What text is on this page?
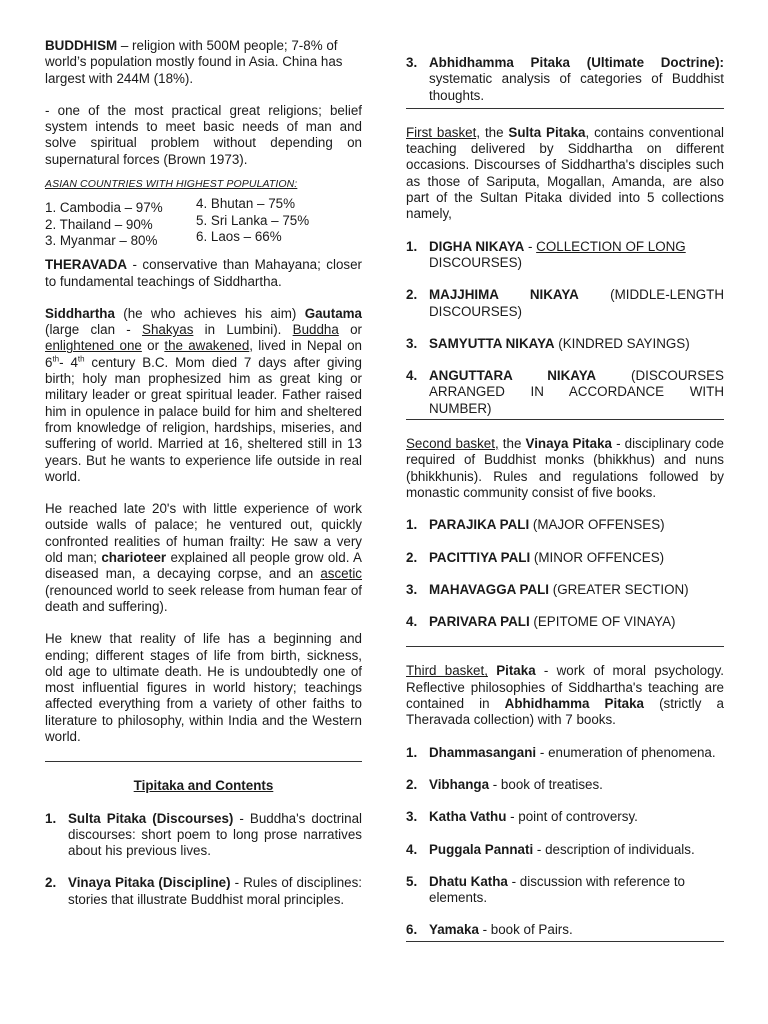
BUDDHISM – religion with 500M people; 7-8% of world’s population mostly found in Asia. China has largest with 244M (18%).

- one of the most practical great religions; belief system intends to meet basic needs of man and solve spiritual problem without depending on supernatural forces (Brown 1973).

ASIAN COUNTRIES WITH HIGHEST POPULATION:
1. Cambodia – 97%
2. Thailand – 90%
3. Myanmar – 80%
4. Bhutan – 75%
5. Sri Lanka – 75%
6. Laos – 66%

THERAVADA - conservative than Mahayana; closer to fundamental teachings of Siddhartha.

Siddhartha (he who achieves his aim) Gautama (large clan - Shakyas in Lumbini). Buddha or enlightened one or the awakened, lived in Nepal on 6th- 4th century B.C. Mom died 7 days after giving birth; holy man prophesized him as great king or military leader or great spiritual leader. Father raised him in opulence in palace build for him and sheltered from knowledge of religion, hardships, miseries, and suffering of world. Married at 16, sheltered still in 13 years. But he wants to experience life outside in real world.

He reached late 20's with little experience of work outside walls of palace; he ventured out, quickly confronted realities of human frailty: He saw a very old man; charioteer explained all people grow old. A diseased man, a decaying corpse, and an ascetic (renounced world to seek release from human fear of death and suffering).

He knew that reality of life has a beginning and ending; different stages of life from birth, sickness, old age to ultimate death. He is undoubtedly one of most influential figures in world history; teachings affected everything from a variety of other faiths to literature to philosophy, within India and the Western world.

Tipitaka and Contents
1. Sulta Pitaka (Discourses) - Buddha's doctrinal discourses: short poem to long prose narratives about his previous lives.
2. Vinaya Pitaka (Discipline) - Rules of disciplines: stories that illustrate Buddhist moral principles.
3. Abhidhamma Pitaka (Ultimate Doctrine): systematic analysis of categories of Buddhist thoughts.

First basket, the Sulta Pitaka, contains conventional teaching delivered by Siddhartha on different occasions. Discourses of Siddhartha's disciples such as those of Sariputa, Mogallan, Amanda, are also part of the Sultan Pitaka divided into 5 collections namely,

1. DIGHA NIKAYA - COLLECTION OF LONG DISCOURSES)
2. MAJJHIMA NIKAYA (MIDDLE-LENGTH DISCOURSES)
3. SAMYUTTA NIKAYA (KINDRED SAYINGS)
4. ANGUTTARA NIKAYA	(DISCOURSES ARRANGED IN ACCORDANCE WITH NUMBER)

Second basket, the Vinaya Pitaka - disciplinary code required of Buddhist monks (bhikkhus) and nuns (bhikkhunis). Rules and regulations followed by monastic community consist of five books.

1. PARAJIKA PALI (MAJOR OFFENSES)
2. PACITTIYA PALI (MINOR OFFENCES)
3. MAHAVAGGA PALI (GREATER SECTION)
4. PARIVARA PALI (EPITOME OF VINAYA)

Third basket, Pitaka - work of moral psychology. Reflective philosophies of Siddhartha's teaching are contained in Abhidhamma Pitaka (strictly a Theravada collection) with 7 books.

1. Dhammasangani - enumeration of phenomena.
2. Vibhanga - book of treatises.
3. Katha Vathu - point of controversy.
4. Puggala Pannati - description of individuals.
5. Dhatu Katha - discussion with reference to elements.
6. Yamaka - book of Pairs.
